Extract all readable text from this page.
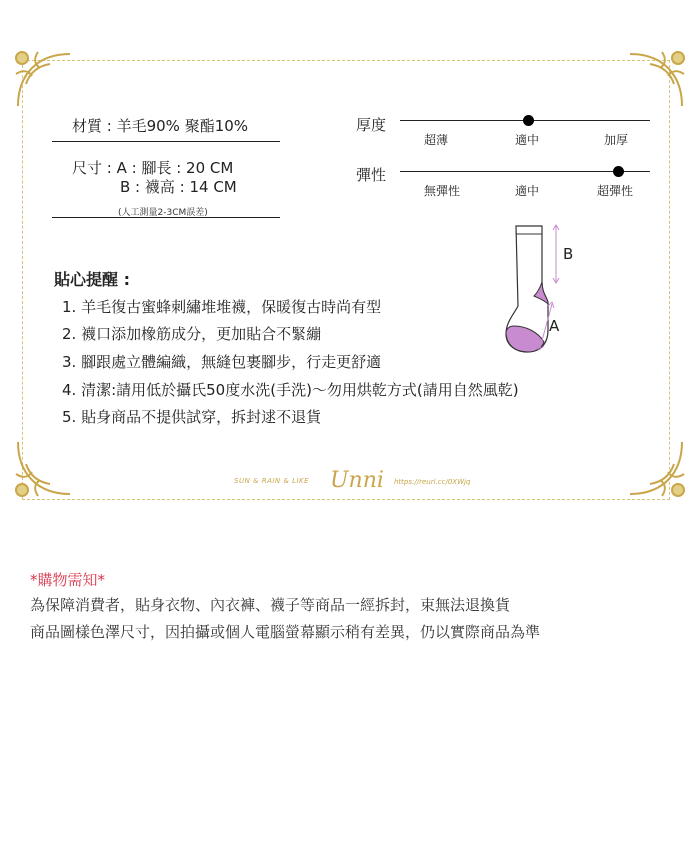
材質 : 羊毛90% 聚酯10%
尺寸 : A : 腳長 : 20 CM
B : 襪高 : 14 CM
(人工測量2-3CM誤差)
厚度
超薄	適中	加厚
彈性
無彈性	適中	超彈性
B
A
貼心提醒 :
1. 羊毛復古蜜蜂刺繡堆堆襪，保暖復古時尚有型
2. 襪口添加橡筋成分，更加貼合不緊繃
3. 腳跟處立體編織，無縫包裹腳步，行走更舒適
4. 清潔:請用低於攝氏50度水洗(手洗)～勿用烘乾方式(請用自然風乾)
5. 貼身商品不提供試穿，拆封逑不退貨
SUN & RAIN & LIKE Unni https://reurl.cc/0XWjq
*購物需知*
為保障消費者，貼身衣物、內衣褲、襪子等商品一經拆封，束無法退換貨
商品圖樣色澤尺寸，因拍攝或個人電腦螢幕顯示稍有差異，仍以實際商品為準
